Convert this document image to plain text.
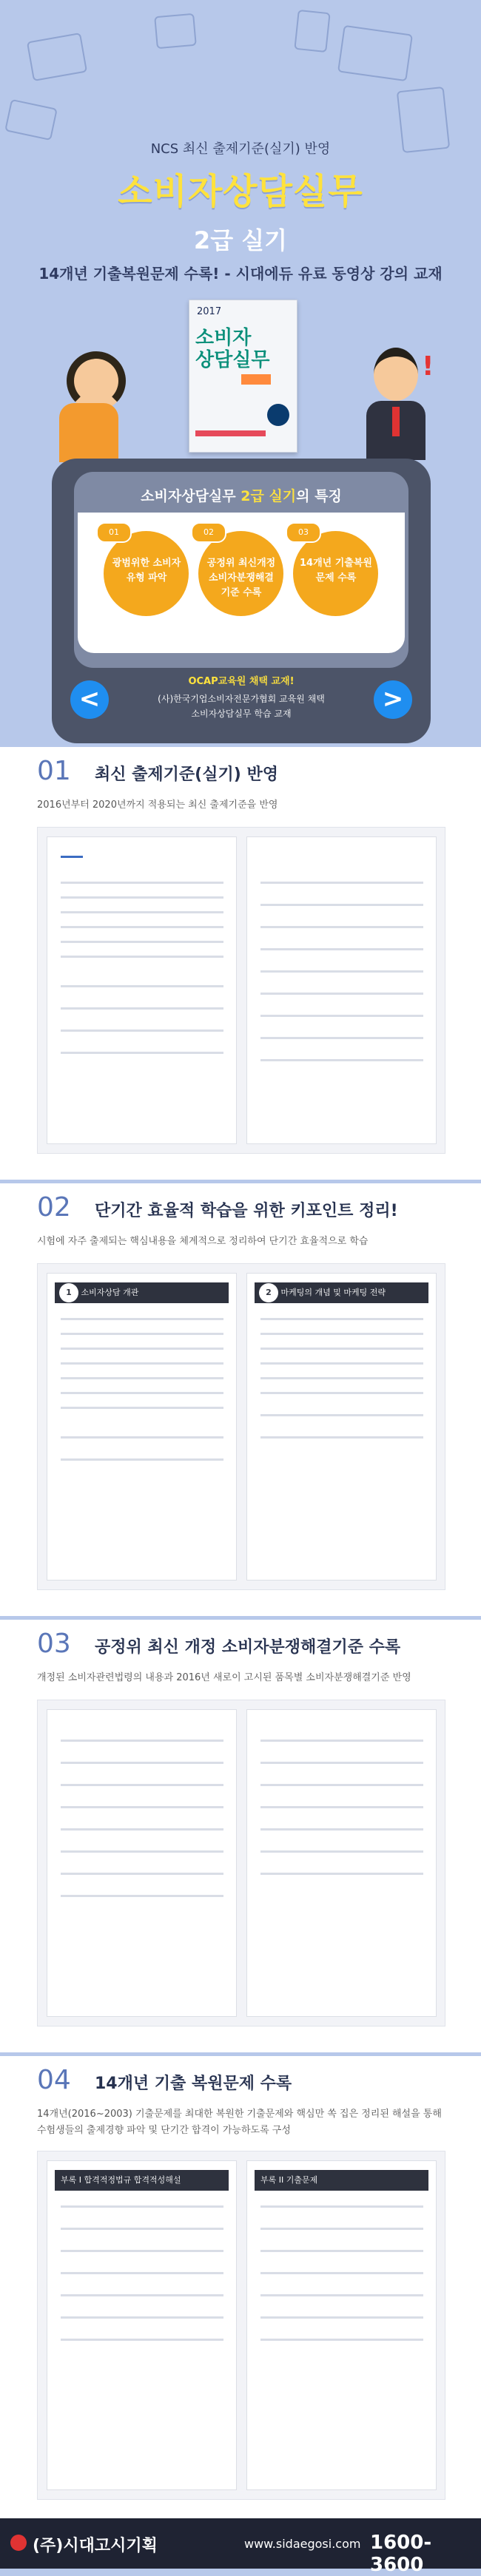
NCS 최신 출제기준(실기) 반영
소비자상담실무
2급 실기
14개년 기출복원문제 수록! - 시대에듀 유료 동영상 강의 교재
2017
소비자
상담실무	!
소비자상담실무 2급 실기의 특징
01
광범위한 소비자 유형 파악
02
공정위 최신개정 소비자분쟁해결 기준 수록
03
14개년 기출복원문제 수록
<	>
OCAP교육원 채택 교재!
(사)한국기업소비자전문가협회 교육원 채택
소비자상담실무 학습 교재
01 최신 출제기준(실기) 반영
2016년부터 2020년까지 적용되는 최신 출제기준을 반영
02 단기간 효율적 학습을 위한 키포인트 정리!
시험에 자주 출제되는 핵심내용을 체계적으로 정리하여 단기간 효율적으로 학습
1 소비자상담 개관	2 마케팅의 개념 및 마케팅 전략
03 공정위 최신 개정 소비자분쟁해결기준 수록
개정된 소비자관련법령의 내용과 2016년 새로이 고시된 품목별 소비자분쟁해결기준 반영
04 14개년 기출 복원문제 수록
14개년(2016~2003) 기출문제를 최대한 복원한 기출문제와 핵심만 쏙 집은 정리된 해설을 통해 수험생들의 출제경향 파악 및 단기간 합격이 가능하도록 구성
부록 I 합격적정법규 합격적성해설	부록 II 기출문제
(주)시대고시기획	www.sidaegosi.com 1600-3600
